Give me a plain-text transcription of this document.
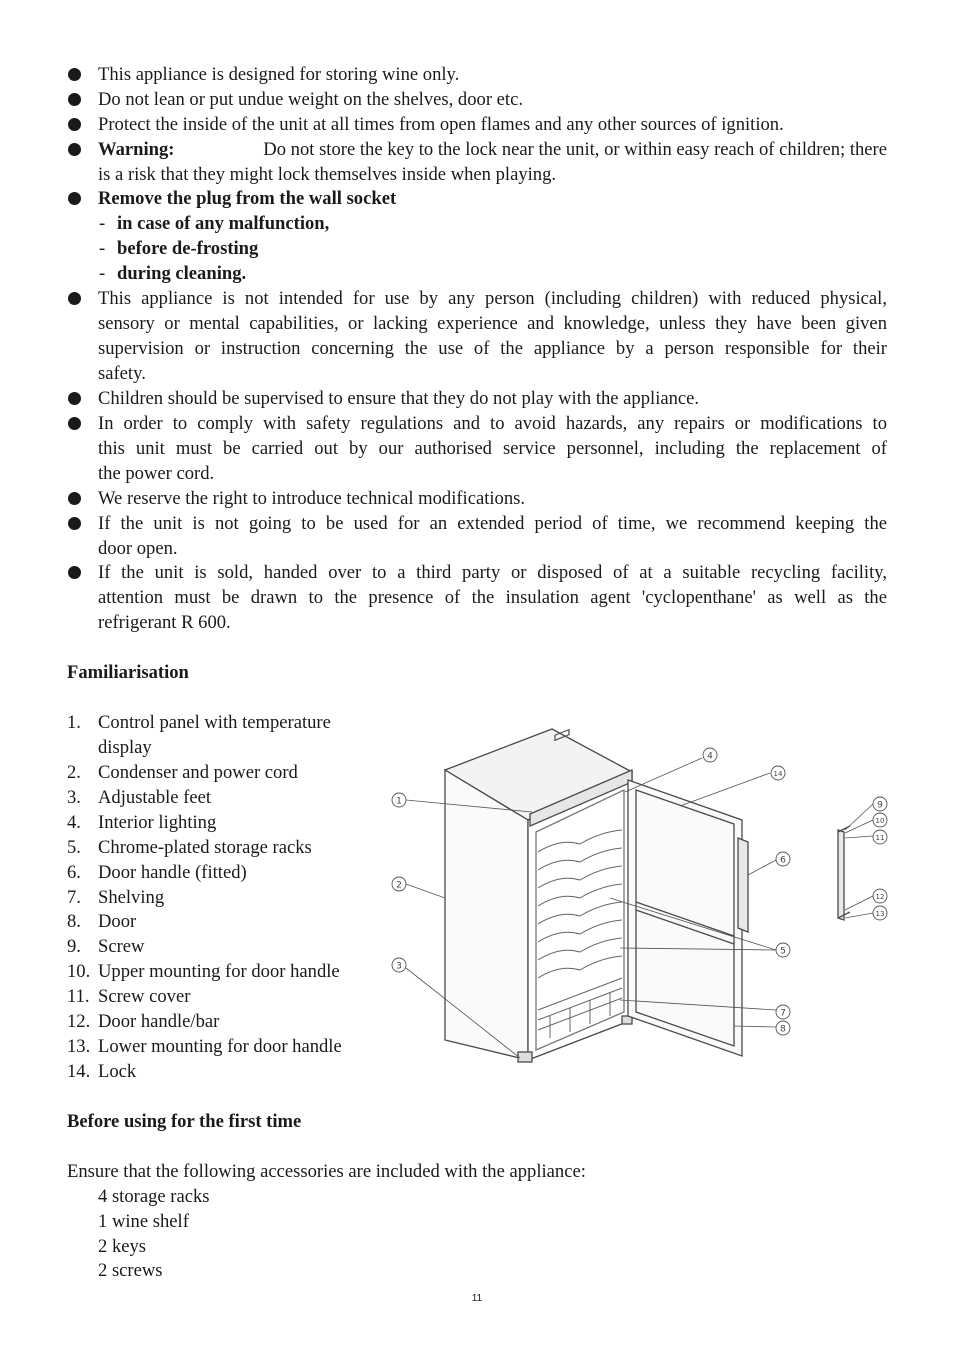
This appliance is designed for storing wine only.
Do not lean or put undue weight on the shelves, door etc.
Protect the inside of the unit at all times from open flames and any other sources of ignition.
Warning:	Do not store the key to the lock near the unit, or within easy reach of children; there
is a risk that they might lock themselves inside when playing.
Remove the plug from the wall socket
- in case of any malfunction,
- before de-frosting
- during cleaning.
This appliance is not intended for use by any person (including children) with reduced physical,
sensory or mental capabilities, or lacking experience and knowledge, unless they have been given
supervision or instruction concerning the use of the appliance by a person responsible for their
safety.
Children should be supervised to ensure that they do not play with the appliance.
In order to comply with safety regulations and to avoid hazards, any repairs or modifications to
this unit must be carried out by our authorised service personnel, including the replacement of
the power cord.
We reserve the right to introduce technical modifications.
If the unit is not going to be used for an extended period of time, we recommend keeping the
door open.
If the unit is sold, handed over to a third party or disposed of at a suitable recycling facility,
attention must be drawn to the presence of the insulation agent 'cyclopenthane' as well as the
refrigerant R 600.
Familiarisation
1. Control panel with temperature
display
2. Condenser and power cord
3. Adjustable feet
4. Interior lighting
5. Chrome-plated storage racks
6. Door handle (fitted)
7. Shelving
8. Door
9. Screw
10. Upper mounting for door handle
11. Screw cover
12. Door handle/bar
13. Lower mounting for door handle
14. Lock
1
2
3
4
5
6
7
8
9
10
11
12
13
14
Before using for the first time
Ensure that the following accessories are included with the appliance:
4 storage racks
1 wine shelf
2 keys
2 screws
11
